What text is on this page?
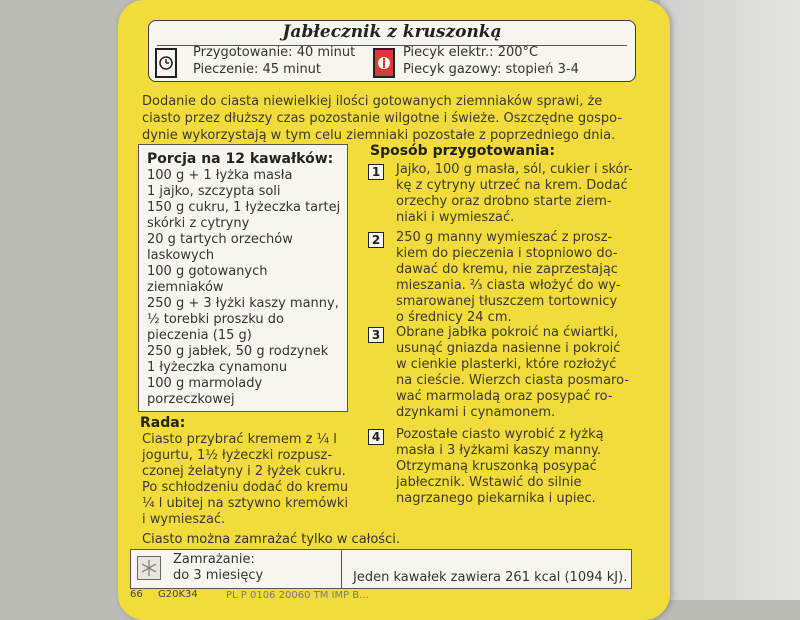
Jabłecznik z kruszonką
Przygotowanie: 40 minut
Pieczenie: 45 minut
Piecyk elektr.: 200°C
Piecyk gazowy: stopień 3-4
Dodanie do ciasta niewielkiej ilości gotowanych ziemniaków sprawi, że
ciasto przez dłuższy czas pozostanie wilgotne i świeże. Oszczędne gospo-
dynie wykorzystają w tym celu ziemniaki pozostałe z poprzedniego dnia.
Porcja na 12 kawałków:
100 g + 1 łyżka masła
1 jajko, szczypta soli
150 g cukru, 1 łyżeczka tartej
skórki z cytryny
20 g tartych orzechów
laskowych
100 g gotowanych
ziemniaków
250 g + 3 łyżki kaszy manny,
½ torebki proszku do
pieczenia (15 g)
250 g jabłek, 50 g rodzynek
1 łyżeczka cynamonu
100 g marmolady
porzeczkowej
Rada:
Ciasto przybrać kremem z ¼ l
jogurtu, 1½ łyżeczki rozpusz-
czonej żelatyny i 2 łyżek cukru.
Po schłodzeniu dodać do kremu
¼ l ubitej na sztywno kremówki
i wymieszać.
Sposób przygotowania:
1 Jajko, 100 g masła, sól, cukier i skór-
kę z cytryny utrzeć na krem. Dodać
orzechy oraz drobno starte ziem-
niaki i wymieszać.
2 250 g manny wymieszać z prosz-
kiem do pieczenia i stopniowo do-
dawać do kremu, nie zaprzestając
mieszania. ⅔ ciasta włożyć do wy-
smarowanej tłuszczem tortownicy
o średnicy 24 cm.
3 Obrane jabłka pokroić na ćwiartki,
usunąć gniazda nasienne i pokroić
w cienkie plasterki, które rozłożyć
na cieście. Wierzch ciasta posmaro-
wać marmoladą oraz posypać ro-
dzynkami i cynamonem.
4 Pozostałe ciasto wyrobić z łyżką
masła i 3 łyżkami kaszy manny.
Otrzymaną kruszonką posypać
jabłecznik. Wstawić do silnie
nagrzanego piekarnika i upiec.
Ciasto można zamrażać tylko w całości.
Zamrażanie:
do 3 miesięcy	Jeden kawałek zawiera 261 kcal (1094 kJ).
66 G20K34	PL P 0106 20060 TM IMP B...
